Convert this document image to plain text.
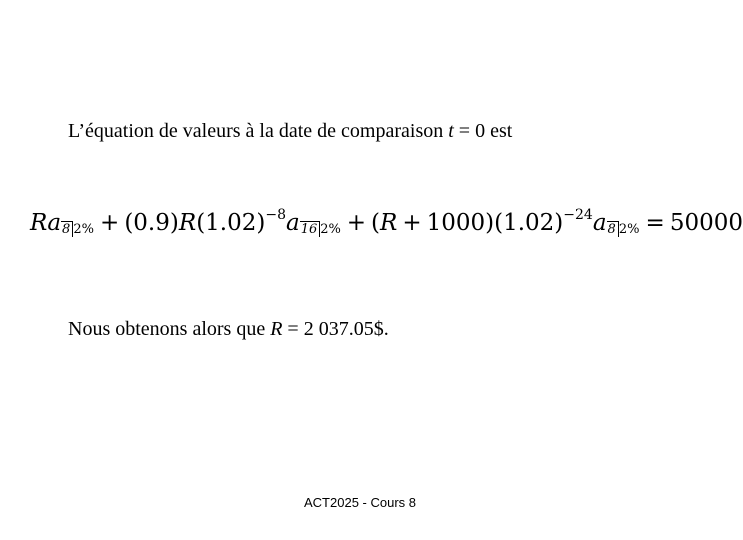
L’équation de valeurs à la date de comparaison t = 0 est
Ra 8 $2\% + (0.9)R(1.02)^{-8}a$ 16 $2\% + (R + 1000)(1.02)^{-24}a$ 8 2% = 50000
Nous obtenons alors que R = 2 037.05$.
ACT2025 - Cours 8
